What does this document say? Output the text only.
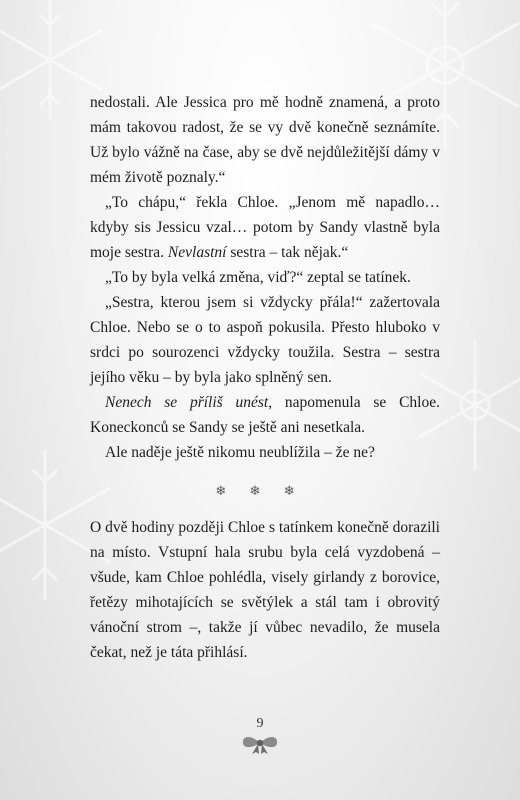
nedostali. Ale Jessica pro mě hodně znamená, a proto mám takovou radost, že se vy dvě konečně seznámíte. Už bylo vážně na čase, aby se dvě nejdůležitější dámy v mém životě poznaly.“

„To chápu,“ řekla Chloe. „Jenom mě napadlo… kdyby sis Jessicu vzal… potom by Sandy vlastně byla moje sestra. Nevlastní sestra – tak nějak.“

„To by byla velká změna, viď?“ zeptal se tatínek.

„Sestra, kterou jsem si vždycky přála!“ zažertovala Chloe. Nebo se o to aspoň pokusila. Přesto hluboko v srdci po sourozenci vždycky toužila. Sestra – sestra jejího věku – by byla jako splněný sen.

Nenech se příliš unést, napomenula se Chloe. Koneckonců se Sandy se ještě ani nesetkala.

Ale naděje ještě nikomu neublížila – že ne?

❄ ❄ ❄

O dvě hodiny později Chloe s tatínkem konečně dorazili na místo. Vstupní hala srubu byla celá vyzdobená – všude, kam Chloe pohlédla, visely girlandy z borovice, řetězy mihotajících se světýlek a stál tam i obrovitý vánoční strom –, takže jí vůbec nevadilo, že musela čekat, než je táta přihlásí.

9
